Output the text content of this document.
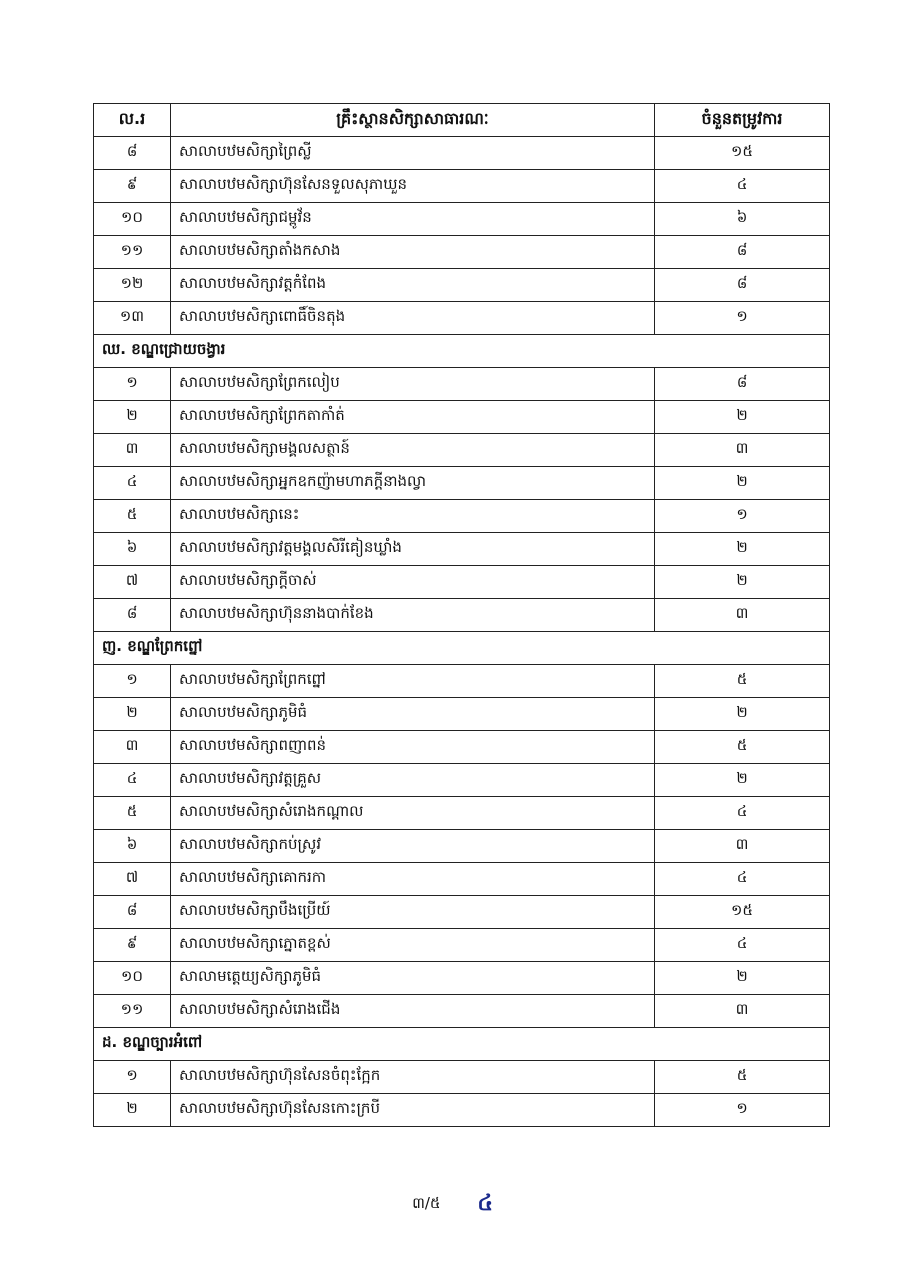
ល.រ	គ្រឹះស្ថានសិក្សាសាធារណៈ	ចំនួនតម្រូវការ
៨	សាលាបឋមសិក្សាព្រៃស្លី	១៥
៩	សាលាបឋមសិក្សាហ៊ុនសែនទួលសុភាឃួន	៤
១០	សាលាបឋមសិក្សាជម្ពូវ័ន	៦
១១	សាលាបឋមសិក្សាតាំងកសាង	៨
១២	សាលាបឋមសិក្សាវត្តកំពែង	៨
១៣	សាលាបឋមសិក្សាពោធិ៍ចិនតុង	១
ឈ. ខណ្ឌជ្រោយចង្វារ		
១	សាលាបឋមសិក្សាព្រែកលៀប	៨
២	សាលាបឋមសិក្សាព្រែកតាកាំត់	២
៣	សាលាបឋមសិក្សាមង្គលសត្ថាន៍	៣
៤	សាលាបឋមសិក្សាអ្នកឧកញ៉ាមហាភក្តីនាងល្វា	២
៥	សាលាបឋមសិក្សានេះ	១
៦	សាលាបឋមសិក្សាវត្តមង្គលសិរីគៀនឃ្លាំង	២
៧	សាលាបឋមសិក្សាក្ដីចាស់	២
៨	សាលាបឋមសិក្សាហ៊ុននាងបាក់ខែង	៣
ញ. ខណ្ឌព្រែកព្នៅ		
១	សាលាបឋមសិក្សាព្រែកព្នៅ	៥
២	សាលាបឋមសិក្សាភូមិធំ	២
៣	សាលាបឋមសិក្សាពញាពន់	៥
៤	សាលាបឋមសិក្សាវត្តគ្រួស	២
៥	សាលាបឋមសិក្សាសំរោងកណ្ដាល	៤
៦	សាលាបឋមសិក្សាកប់ស្រូវ	៣
៧	សាលាបឋមសិក្សាគោករកា	៤
៨	សាលាបឋមសិក្សាបឹងប្រើយ៍	១៥
៩	សាលាបឋមសិក្សាភ្នោតខ្ពស់	៤
១០	សាលាមត្តេយ្យសិក្សាភូមិធំ	២
១១	សាលាបឋមសិក្សាសំរោងជើង	៣
ដ. ខណ្ឌច្បារអំពៅ		
១	សាលាបឋមសិក្សាហ៊ុនសែនចំពុះក្អែក	៥
២	សាលាបឋមសិក្សាហ៊ុនសែនកោះក្របី	១
៣/៥ ៤
